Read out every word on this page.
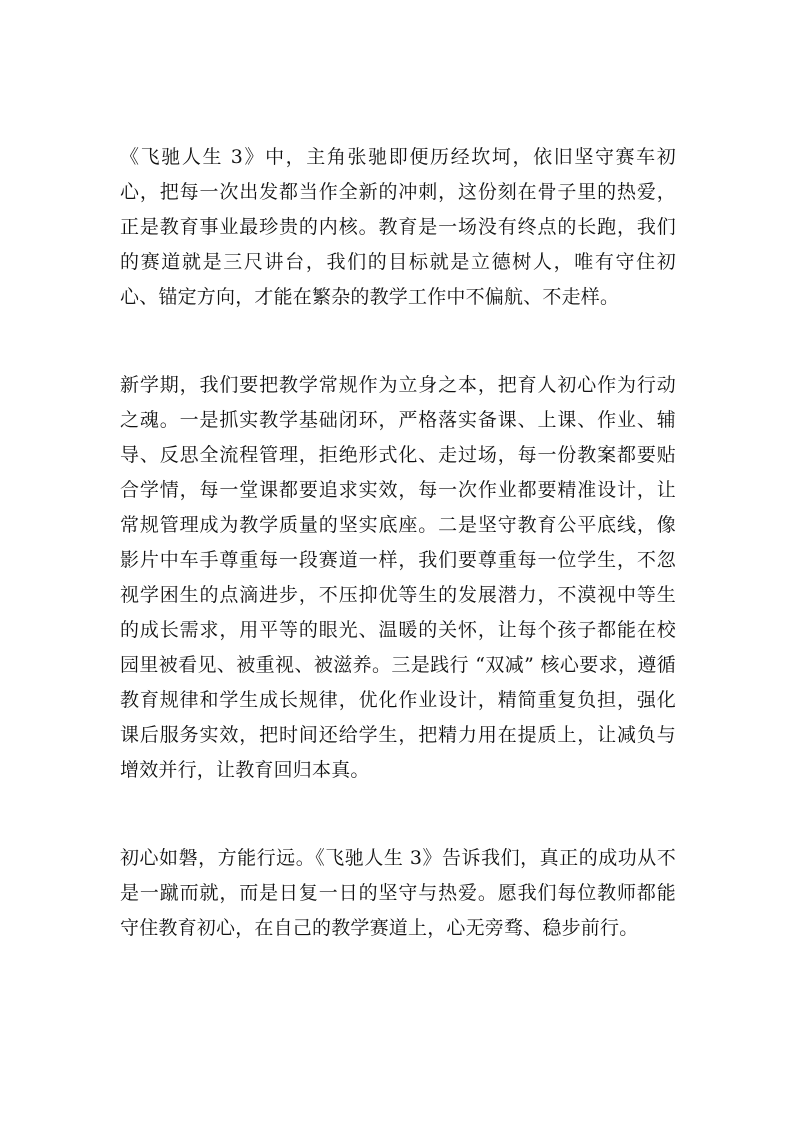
《飞驰人生 3》中，主角张驰即便历经坎坷，依旧坚守赛车初心，把每一次出发都当作全新的冲刺，这份刻在骨子里的热爱，正是教育事业最珍贵的内核。教育是一场没有终点的长跑，我们的赛道就是三尺讲台，我们的目标就是立德树人，唯有守住初心、锚定方向，才能在繁杂的教学工作中不偏航、不走样。

新学期，我们要把教学常规作为立身之本，把育人初心作为行动之魂。一是抓实教学基础闭环，严格落实备课、上课、作业、辅导、反思全流程管理，拒绝形式化、走过场，每一份教案都要贴合学情，每一堂课都要追求实效，每一次作业都要精准设计，让常规管理成为教学质量的坚实底座。二是坚守教育公平底线，像影片中车手尊重每一段赛道一样，我们要尊重每一位学生，不忽视学困生的点滴进步，不压抑优等生的发展潜力，不漠视中等生的成长需求，用平等的眼光、温暖的关怀，让每个孩子都能在校园里被看见、被重视、被滋养。三是践行 “双减” 核心要求，遵循教育规律和学生成长规律，优化作业设计，精简重复负担，强化课后服务实效，把时间还给学生，把精力用在提质上，让减负与增效并行，让教育回归本真。

初心如磐，方能行远。《飞驰人生 3》告诉我们，真正的成功从不是一蹴而就，而是日复一日的坚守与热爱。愿我们每位教师都能守住教育初心，在自己的教学赛道上，心无旁骛、稳步前行。
